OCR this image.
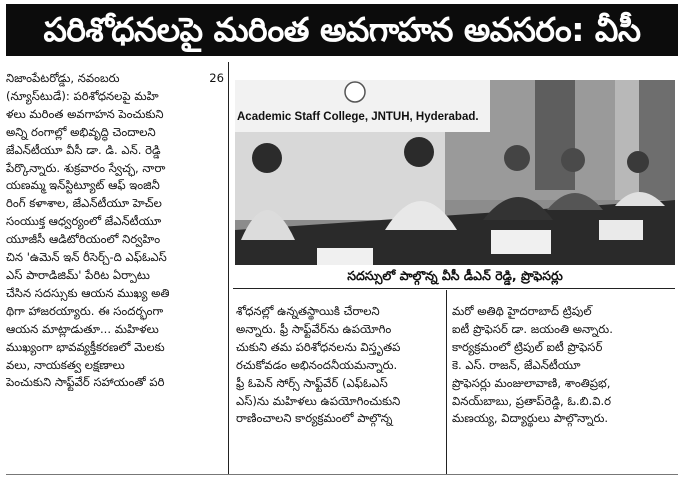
పరిశోధనలపై మరింత అవగాహన అవసరం: వీసీ
నిజాంపేటరోడ్డు, నవంబరు	26
(న్యూస్‌టుడే): పరిశోధనలపై మహి
ళలు మరింత అవగాహన పెంచుకుని
అన్ని రంగాల్లో అభివృద్ధి చెందాలని
జేఎన్‌టీయూ వీసీ డా. డి. ఎన్. రెడ్డి
పేర్కొన్నారు. శుక్రవారం స్వేచ్ఛ, నారా
యణమ్మ ఇన్‌స్టిట్యూట్ ఆఫ్ ఇంజినీ
రింగ్ కళాశాల, జేఎన్‌టీయూ హెచ్‌ల
సంయుక్త ఆధ్వర్యంలో జేఎన్‌టీయూ
యూజీసీ ఆడిటోరియంలో నిర్వహిం
చిన 'ఉమెన్ ఇన్ రీసెర్చ్-ది ఎఫ్ఓఎస్
ఎస్ పారాడిజిమ్' పేరిట ఏర్పాటు
చేసిన సదస్సుకు ఆయన ముఖ్య అతి
థిగా హాజరయ్యారు. ఈ సందర్భంగా
ఆయన మాట్లాడుతూ... మహిళలు
ముఖ్యంగా భావవ్యక్తీకరణలో మెలకు
వలు, నాయకత్వ లక్షణాలు
పెంచుకుని సాఫ్ట్‌వేర్ సహాయంతో పరి
Academic Staff College, JNTUH, Hyderabad.
సదస్సులో పాల్గొన్న వీసీ డీఎన్ రెడ్డి, ప్రొఫెసర్లు
శోధనల్లో ఉన్నతస్థాయికి చేరాలని
అన్నారు. ఫ్రీ సాఫ్ట్‌వేర్‌ను ఉపయోగిం
చుకుని తమ పరిశోధనలను విస్తృతప
రచుకోవడం అభినందనీయమన్నారు.
ఫ్రీ ఓపెన్ సోర్స్ సాఫ్ట్‌వేర్ (ఎఫ్ఓఎస్
ఎస్)ను మహిళలు ఉపయోగించుకుని
రాణించాలని కార్యక్రమంలో పాల్గొన్న
మరో అతిథి హైదరాబాద్ ట్రిపుల్
ఐటీ ప్రొఫెసర్ డా. జయంతి అన్నారు.
కార్యక్రమంలో ట్రిపుల్ ఐటీ ప్రొఫెసర్
కె. ఎస్. రాజన్, జేఎన్‌టీయూ
ప్రొఫెసర్లు మంజులావాణి, శాంతిప్రభ,
వినయ్‌బాబు, ప్రతాప్‌రెడ్డి, ఓ.బి.వి.ర
మణయ్య, విద్యార్థులు పాల్గొన్నారు.
